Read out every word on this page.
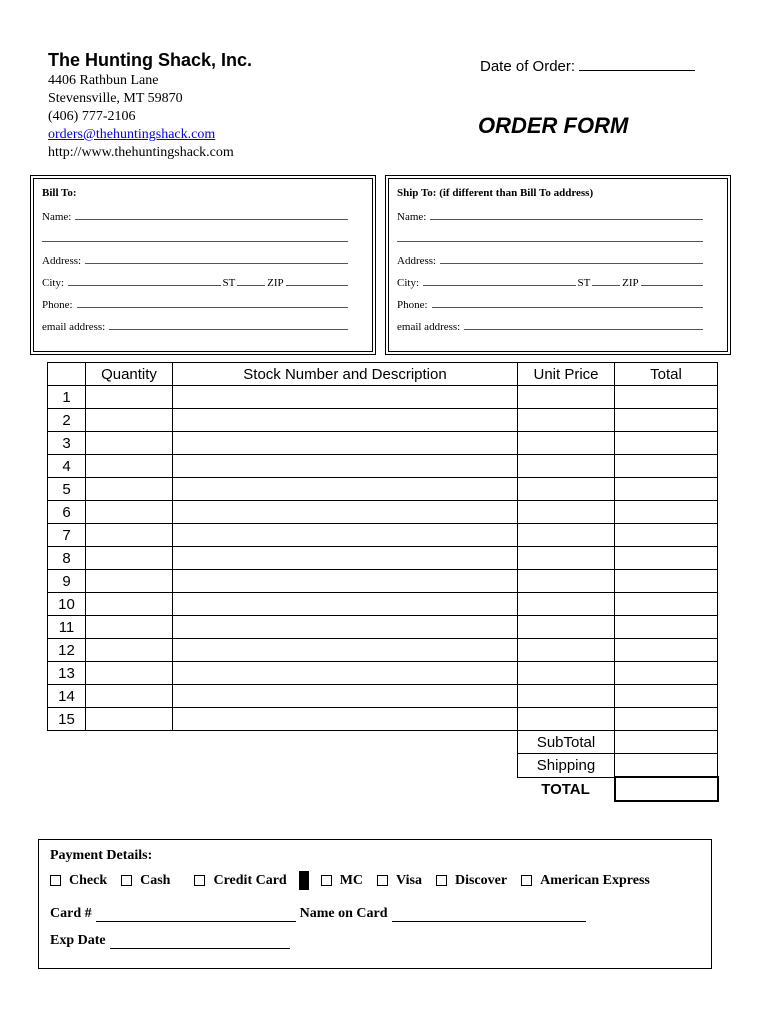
The Hunting Shack, Inc.
4406 Rathbun Lane
Stevensville, MT 59870
(406) 777-2106
orders@thehuntingshack.com
http://www.thehuntingshack.com
Date of Order:
ORDER FORM
Bill To:
Name:
Address:
City:	ST	ZIP
Phone:
email address:
Ship To: (if different than Bill To address)
Name:
Address:
City:	ST	ZIP
Phone:
email address:
	Quantity	Stock Number and Description	Unit Price	Total
1				
2				
3				
4				
5				
6				
7				
8				
9				
10				
11				
12				
13				
14				
15				
			SubTotal	
			Shipping	
			TOTAL	
Payment Details:
Check Cash	Credit Card	MC Visa Discover American Express
Card #	Name on Card
Exp Date
